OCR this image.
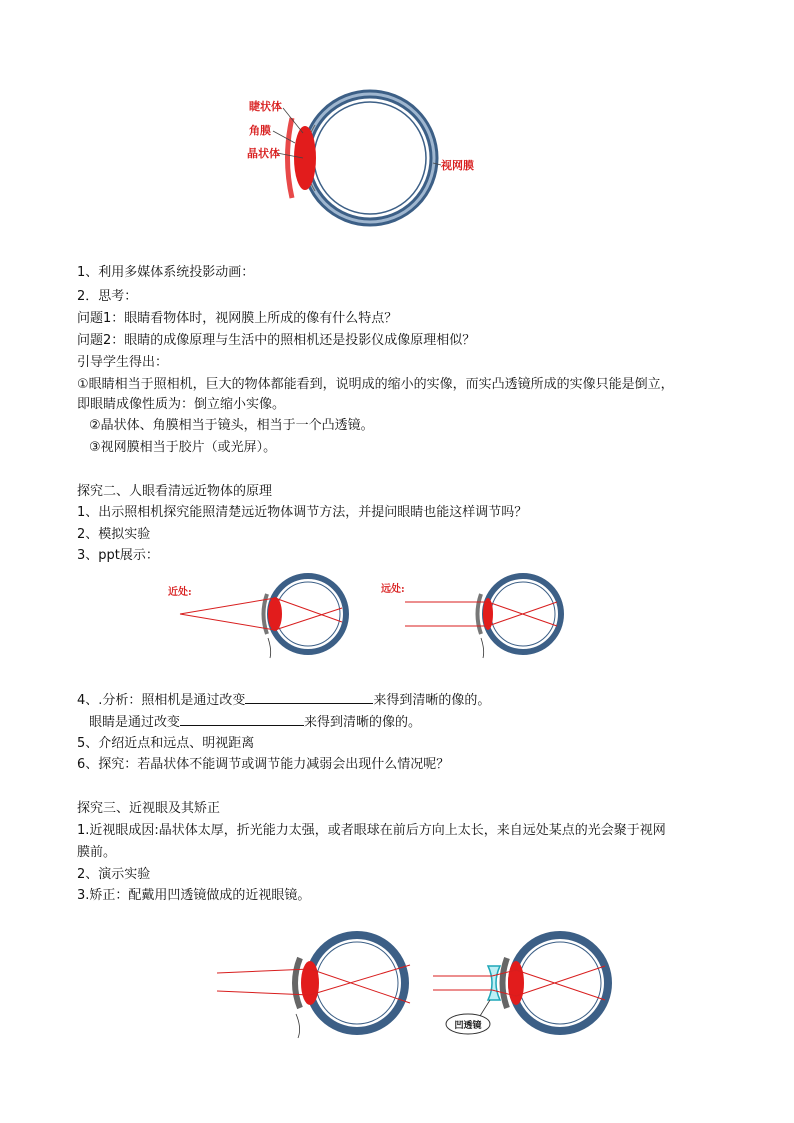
睫状体
角膜
晶状体
视网膜
1、利用多媒体系统投影动画：
2．思考：
问题1：眼睛看物体时，视网膜上所成的像有什么特点？
问题2：眼睛的成像原理与生活中的照相机还是投影仪成像原理相似？
引导学生得出：
①眼睛相当于照相机，巨大的物体都能看到，说明成的缩小的实像，而实凸透镜所成的实像只能是倒立，
即眼睛成像性质为：倒立缩小实像。
②晶状体、角膜相当于镜头，相当于一个凸透镜。
③视网膜相当于胶片（或光屏）。
探究二、人眼看清远近物体的原理
1、出示照相机探究能照清楚远近物体调节方法，并提问眼睛也能这样调节吗？
2、模拟实验
3、ppt展示：
近处:	远处:
4、.分析：照相机是通过改变	来得到清晰的像的。
眼睛是通过改变	来得到清晰的像的。
5、介绍近点和远点、明视距离
6、探究：若晶状体不能调节或调节能力减弱会出现什么情况呢？
探究三、近视眼及其矫正
1.近视眼成因:晶状体太厚，折光能力太强，或者眼球在前后方向上太长，来自远处某点的光会聚于视网
膜前。
2、演示实验
3.矫正：配戴用凹透镜做成的近视眼镜。
凹透镜
